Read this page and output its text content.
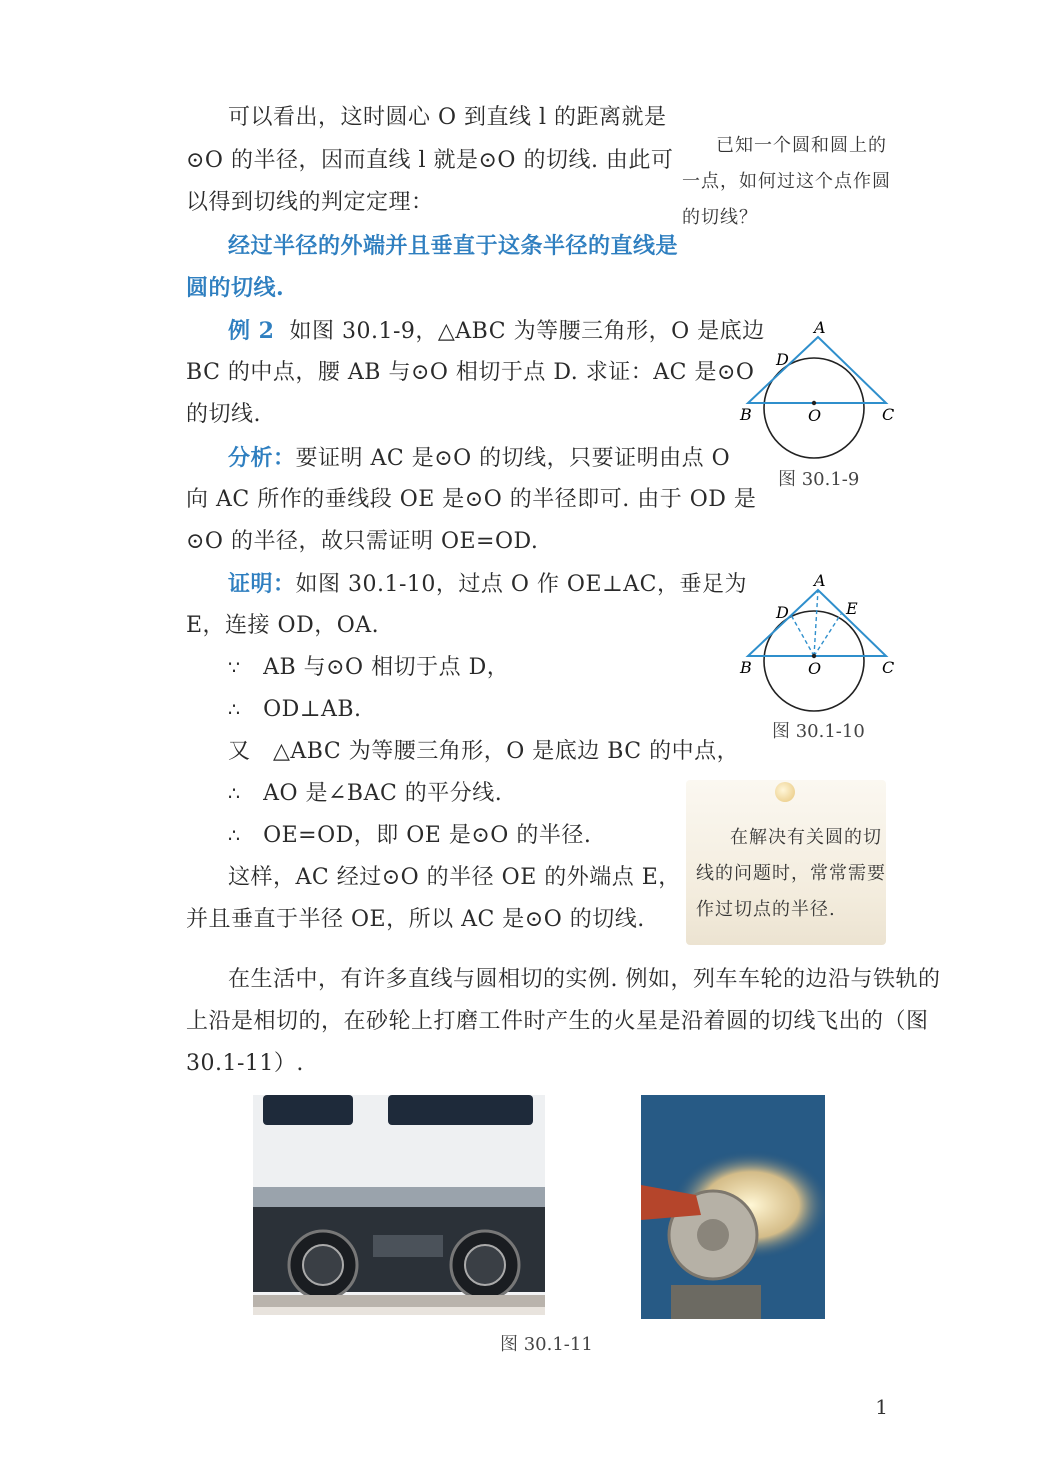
可以看出，这时圆心 O 到直线 l 的距离就是
⊙O 的半径，因而直线 l 就是⊙O 的切线. 由此可
以得到切线的判定定理：
经过半径的外端并且垂直于这条半径的直线是
圆的切线.
例 2 如图 30.1-9，△ABC 为等腰三角形，O 是底边
BC 的中点，腰 AB 与⊙O 相切于点 D. 求证：AC 是⊙O
的切线.
分析：要证明 AC 是⊙O 的切线，只要证明由点 O
向 AC 所作的垂线段 OE 是⊙O 的半径即可. 由于 OD 是
⊙O 的半径，故只需证明 OE=OD.
证明：如图 30.1-10，过点 O 作 OE⊥AC，垂足为
E，连接 OD，OA.
∵ AB 与⊙O 相切于点 D，
∴ OD⊥AB.
又 △ABC 为等腰三角形，O 是底边 BC 的中点，
∴ AO 是∠BAC 的平分线.
∴ OE=OD，即 OE 是⊙O 的半径.
这样，AC 经过⊙O 的半径 OE 的外端点 E，
并且垂直于半径 OE，所以 AC 是⊙O 的切线.
在生活中，有许多直线与圆相切的实例. 例如，列车车轮的边沿与铁轨的
上沿是相切的，在砂轮上打磨工件时产生的火星是沿着圆的切线飞出的（图
30.1-11）.
已知一个圆和圆上的
一点，如何过这个点作圆
的切线？
A
D
B	O	C
图 30.1-9
A
D	E
B	O	C
图 30.1-10
在解决有关圆的切
线的问题时，常常需要
作过切点的半径.
图 30.1-11
1
